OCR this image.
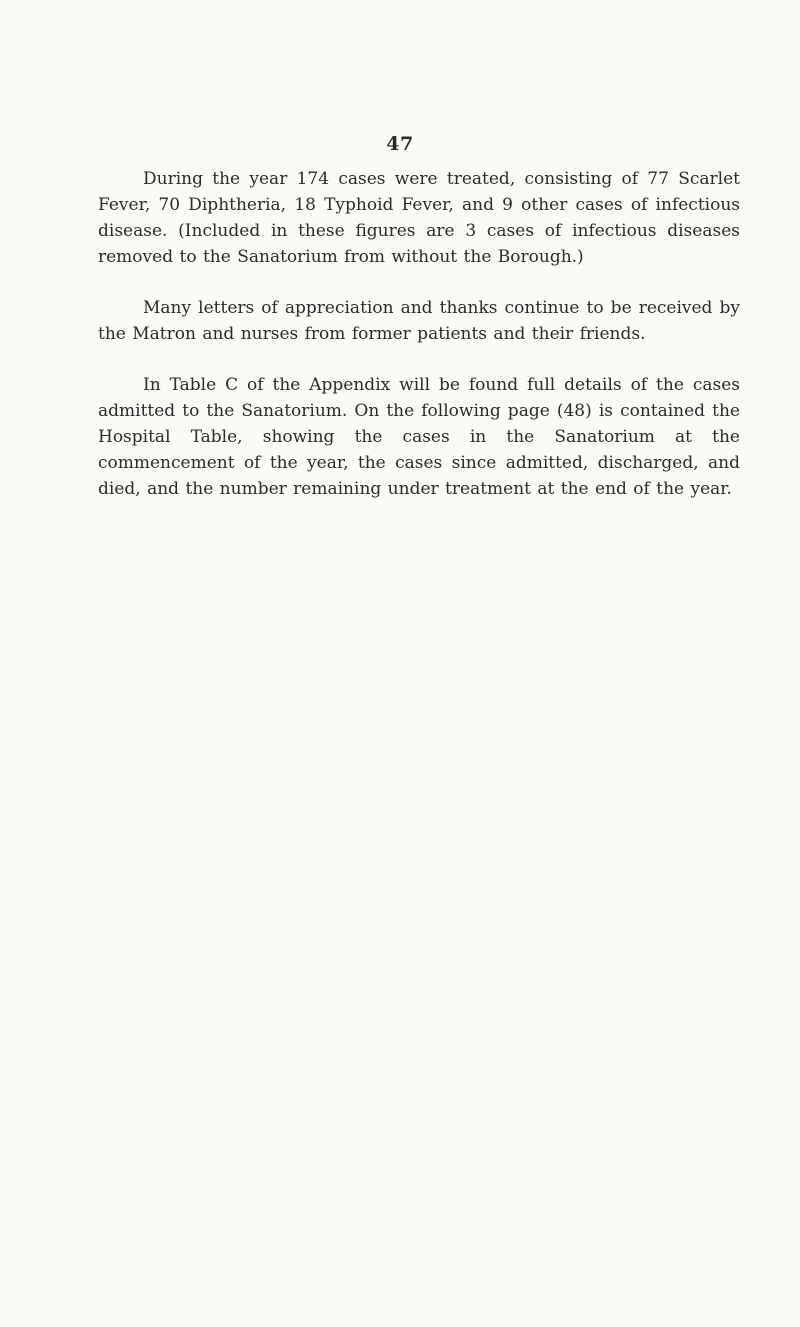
47

During the year 174 cases were treated, consisting of 77 Scarlet Fever, 70 Diphtheria, 18 Typhoid Fever, and 9 other cases of infectious disease. (Included in these figures are 3 cases of infectious diseases removed to the Sanatorium from without the Borough.)

Many letters of appreciation and thanks continue to be received by the Matron and nurses from former patients and their friends.

In Table C of the Appendix will be found full details of the cases admitted to the Sanatorium. On the following page (48) is contained the Hospital Table, showing the cases in the Sanatorium at the commencement of the year, the cases since admitted, discharged, and died, and the number remaining under treatment at the end of the year.
